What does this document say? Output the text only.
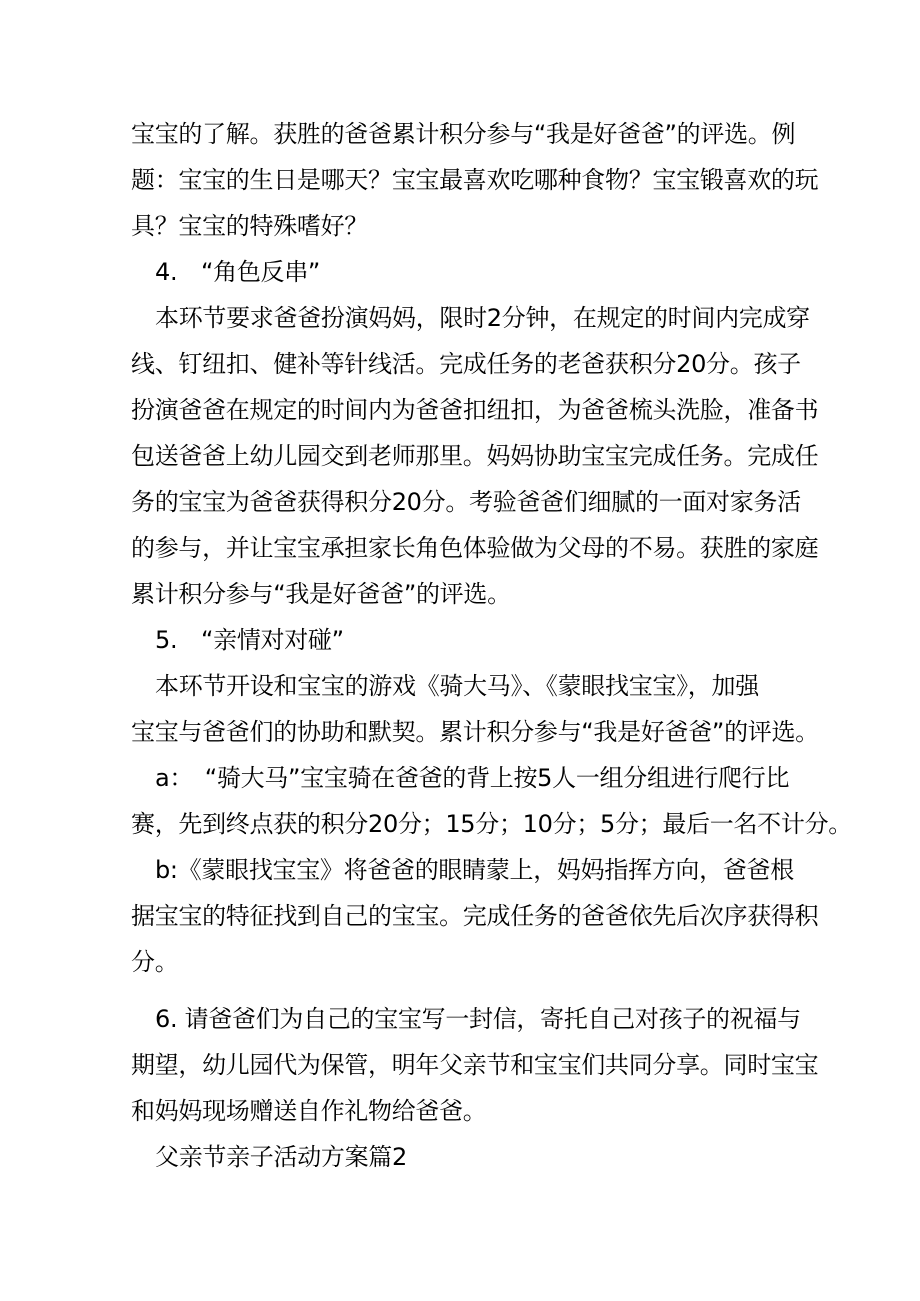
宝宝的了解。获胜的爸爸累计积分参与“我是好爸爸”的评选。例
题：宝宝的生日是哪天？宝宝最喜欢吃哪种食物？宝宝锻喜欢的玩
具？宝宝的特殊嗜好？
4.　“角色反串”
本环节要求爸爸扮演妈妈，限时2分钟，在规定的时间内完成穿
线、钉纽扣、健补等针线活。完成任务的老爸获积分20分。孩子
扮演爸爸在规定的时间内为爸爸扣纽扣，为爸爸梳头洗脸，准备书
包送爸爸上幼儿园交到老师那里。妈妈协助宝宝完成任务。完成任
务的宝宝为爸爸获得积分20分。考验爸爸们细腻的一面对家务活
的参与，并让宝宝承担家长角色体验做为父母的不易。获胜的家庭
累计积分参与“我是好爸爸”的评选。
5.　“亲情对对碰”
本环节开设和宝宝的游戏《骑大马》、《蒙眼找宝宝》，加强
宝宝与爸爸们的协助和默契。累计积分参与“我是好爸爸”的评选。
a：　“骑大马”宝宝骑在爸爸的背上按5人一组分组进行爬行比
赛，先到终点获的积分20分；15分；10分；5分；最后一名不计分。
b:《蒙眼找宝宝》将爸爸的眼睛蒙上，妈妈指挥方向，爸爸根
据宝宝的特征找到自己的宝宝。完成任务的爸爸依先后次序获得积
分。
6. 请爸爸们为自己的宝宝写一封信，寄托自己对孩子的祝福与
期望，幼儿园代为保管，明年父亲节和宝宝们共同分享。同时宝宝
和妈妈现场赠送自作礼物给爸爸。
父亲节亲子活动方案篇2
